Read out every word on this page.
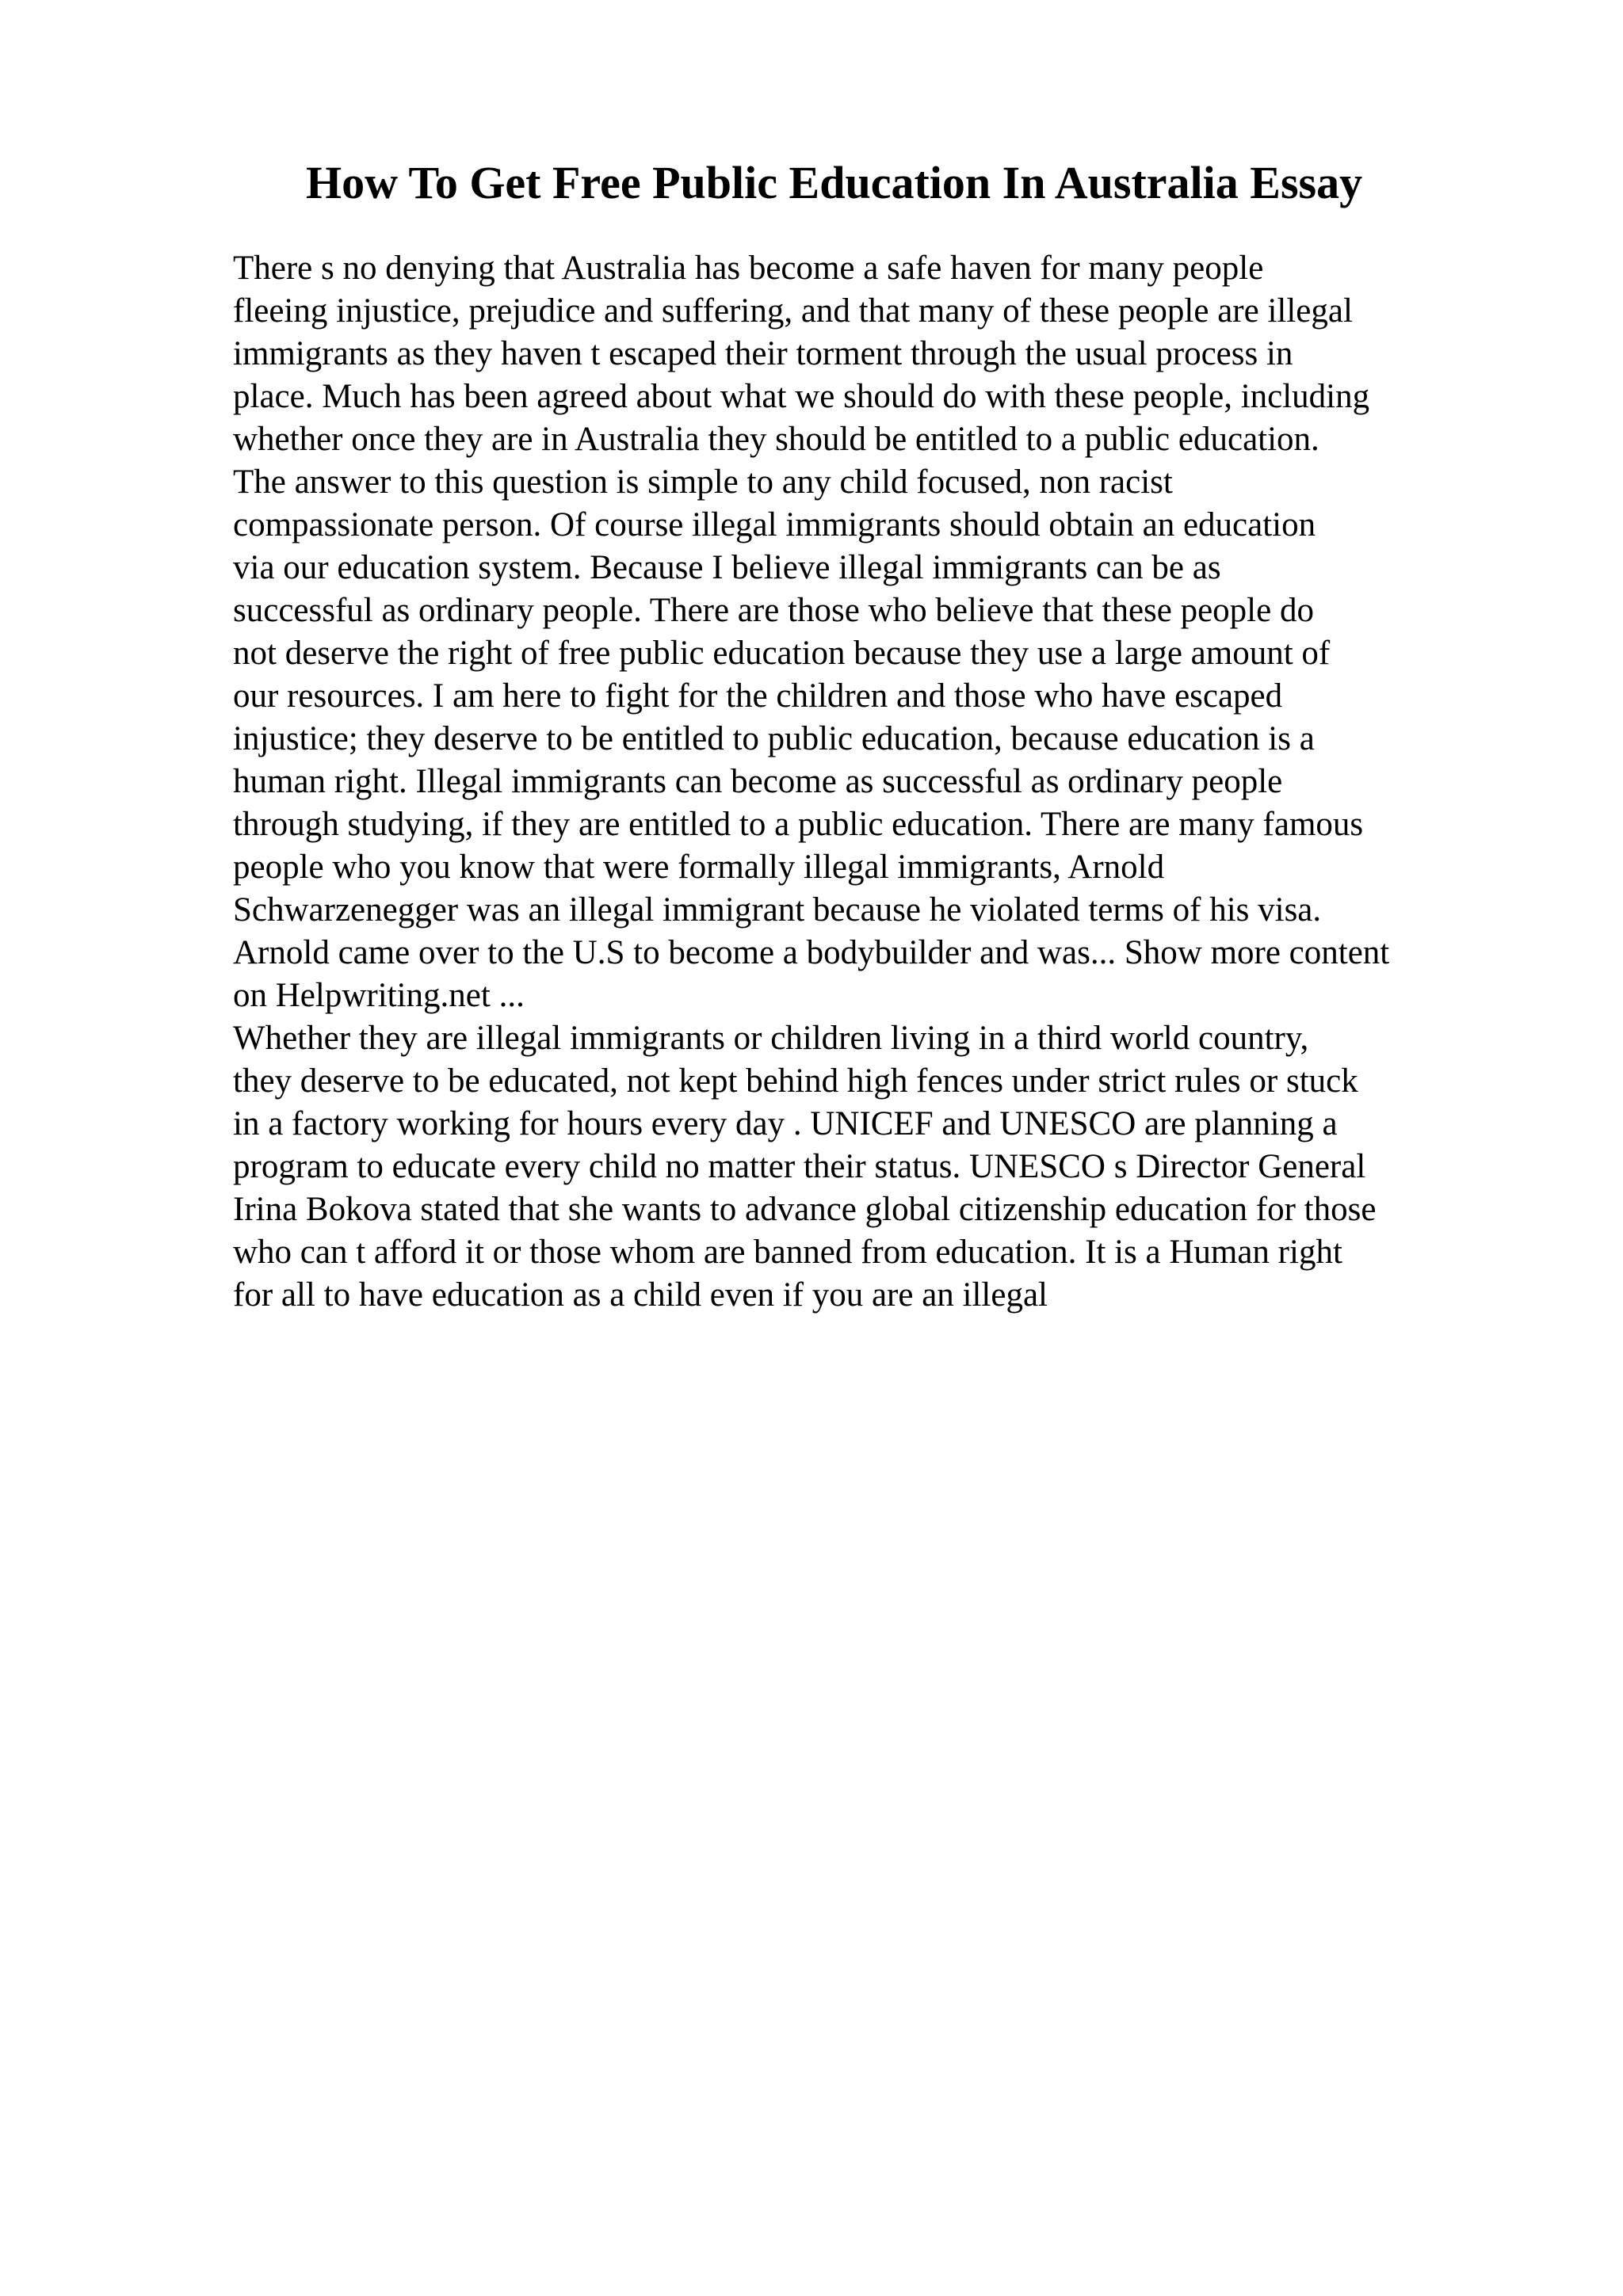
How To Get Free Public Education In Australia Essay
There s no denying that Australia has become a safe haven for many people
fleeing injustice, prejudice and suffering, and that many of these people are illegal
immigrants as they haven t escaped their torment through the usual process in
place. Much has been agreed about what we should do with these people, including
whether once they are in Australia they should be entitled to a public education.
The answer to this question is simple to any child focused, non racist
compassionate person. Of course illegal immigrants should obtain an education
via our education system. Because I believe illegal immigrants can be as
successful as ordinary people. There are those who believe that these people do
not deserve the right of free public education because they use a large amount of
our resources. I am here to fight for the children and those who have escaped
injustice; they deserve to be entitled to public education, because education is a
human right. Illegal immigrants can become as successful as ordinary people
through studying, if they are entitled to a public education. There are many famous
people who you know that were formally illegal immigrants, Arnold
Schwarzenegger was an illegal immigrant because he violated terms of his visa.
Arnold came over to the U.S to become a bodybuilder and was... Show more content
on Helpwriting.net ...
Whether they are illegal immigrants or children living in a third world country,
they deserve to be educated, not kept behind high fences under strict rules or stuck
in a factory working for hours every day . UNICEF and UNESCO are planning a
program to educate every child no matter their status. UNESCO s Director General
Irina Bokova stated that she wants to advance global citizenship education for those
who can t afford it or those whom are banned from education. It is a Human right
for all to have education as a child even if you are an illegal
